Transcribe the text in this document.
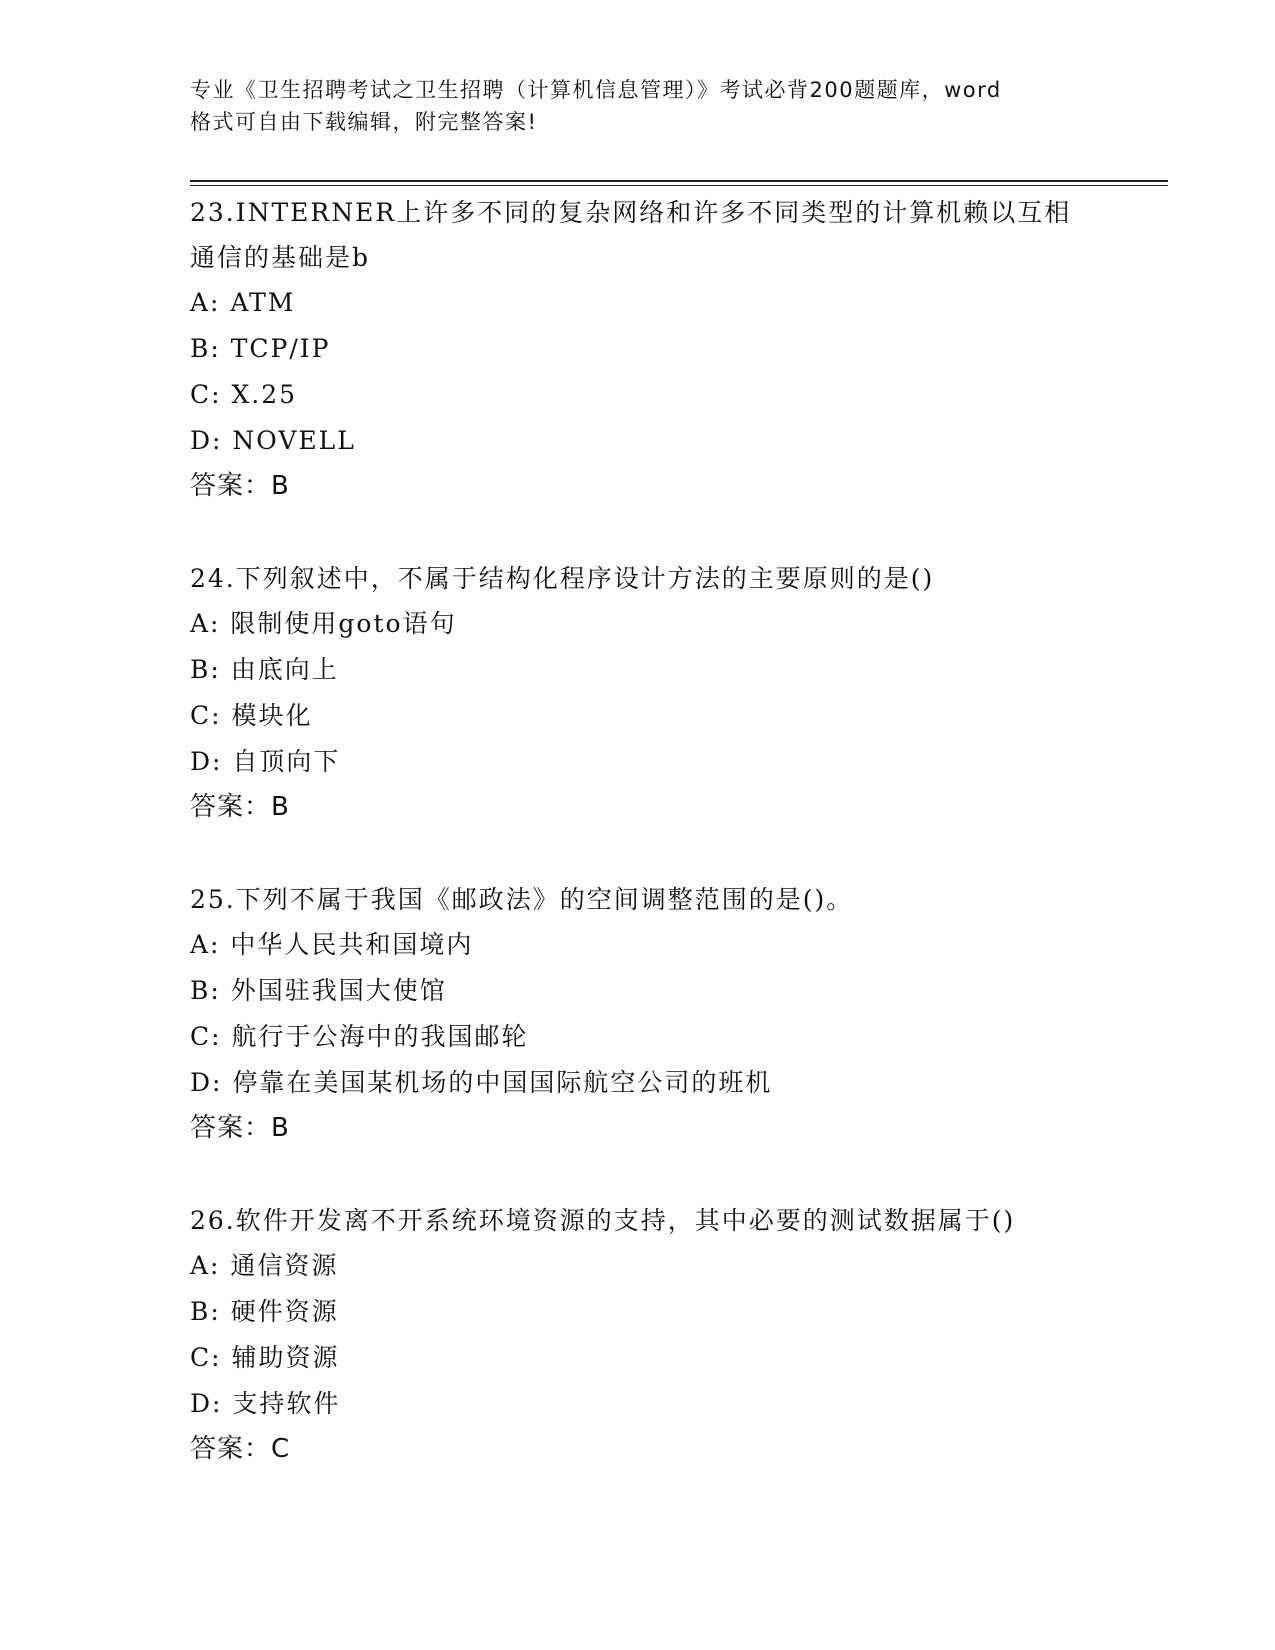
专业《卫生招聘考试之卫生招聘（计算机信息管理）》考试必背200题题库，word
格式可自由下载编辑，附完整答案!
23.INTERNER上许多不同的复杂网络和许多不同类型的计算机赖以互相
通信的基础是b
A: ATM
B: TCP/IP
C: X.25
D: NOVELL
答案：B
24.下列叙述中，不属于结构化程序设计方法的主要原则的是()
A: 限制使用goto语句
B: 由底向上
C: 模块化
D: 自顶向下
答案：B
25.下列不属于我国《邮政法》的空间调整范围的是()。
A: 中华人民共和国境内
B: 外国驻我国大使馆
C: 航行于公海中的我国邮轮
D: 停靠在美国某机场的中国国际航空公司的班机
答案：B
26.软件开发离不开系统环境资源的支持，其中必要的测试数据属于()
A: 通信资源
B: 硬件资源
C: 辅助资源
D: 支持软件
答案：C
